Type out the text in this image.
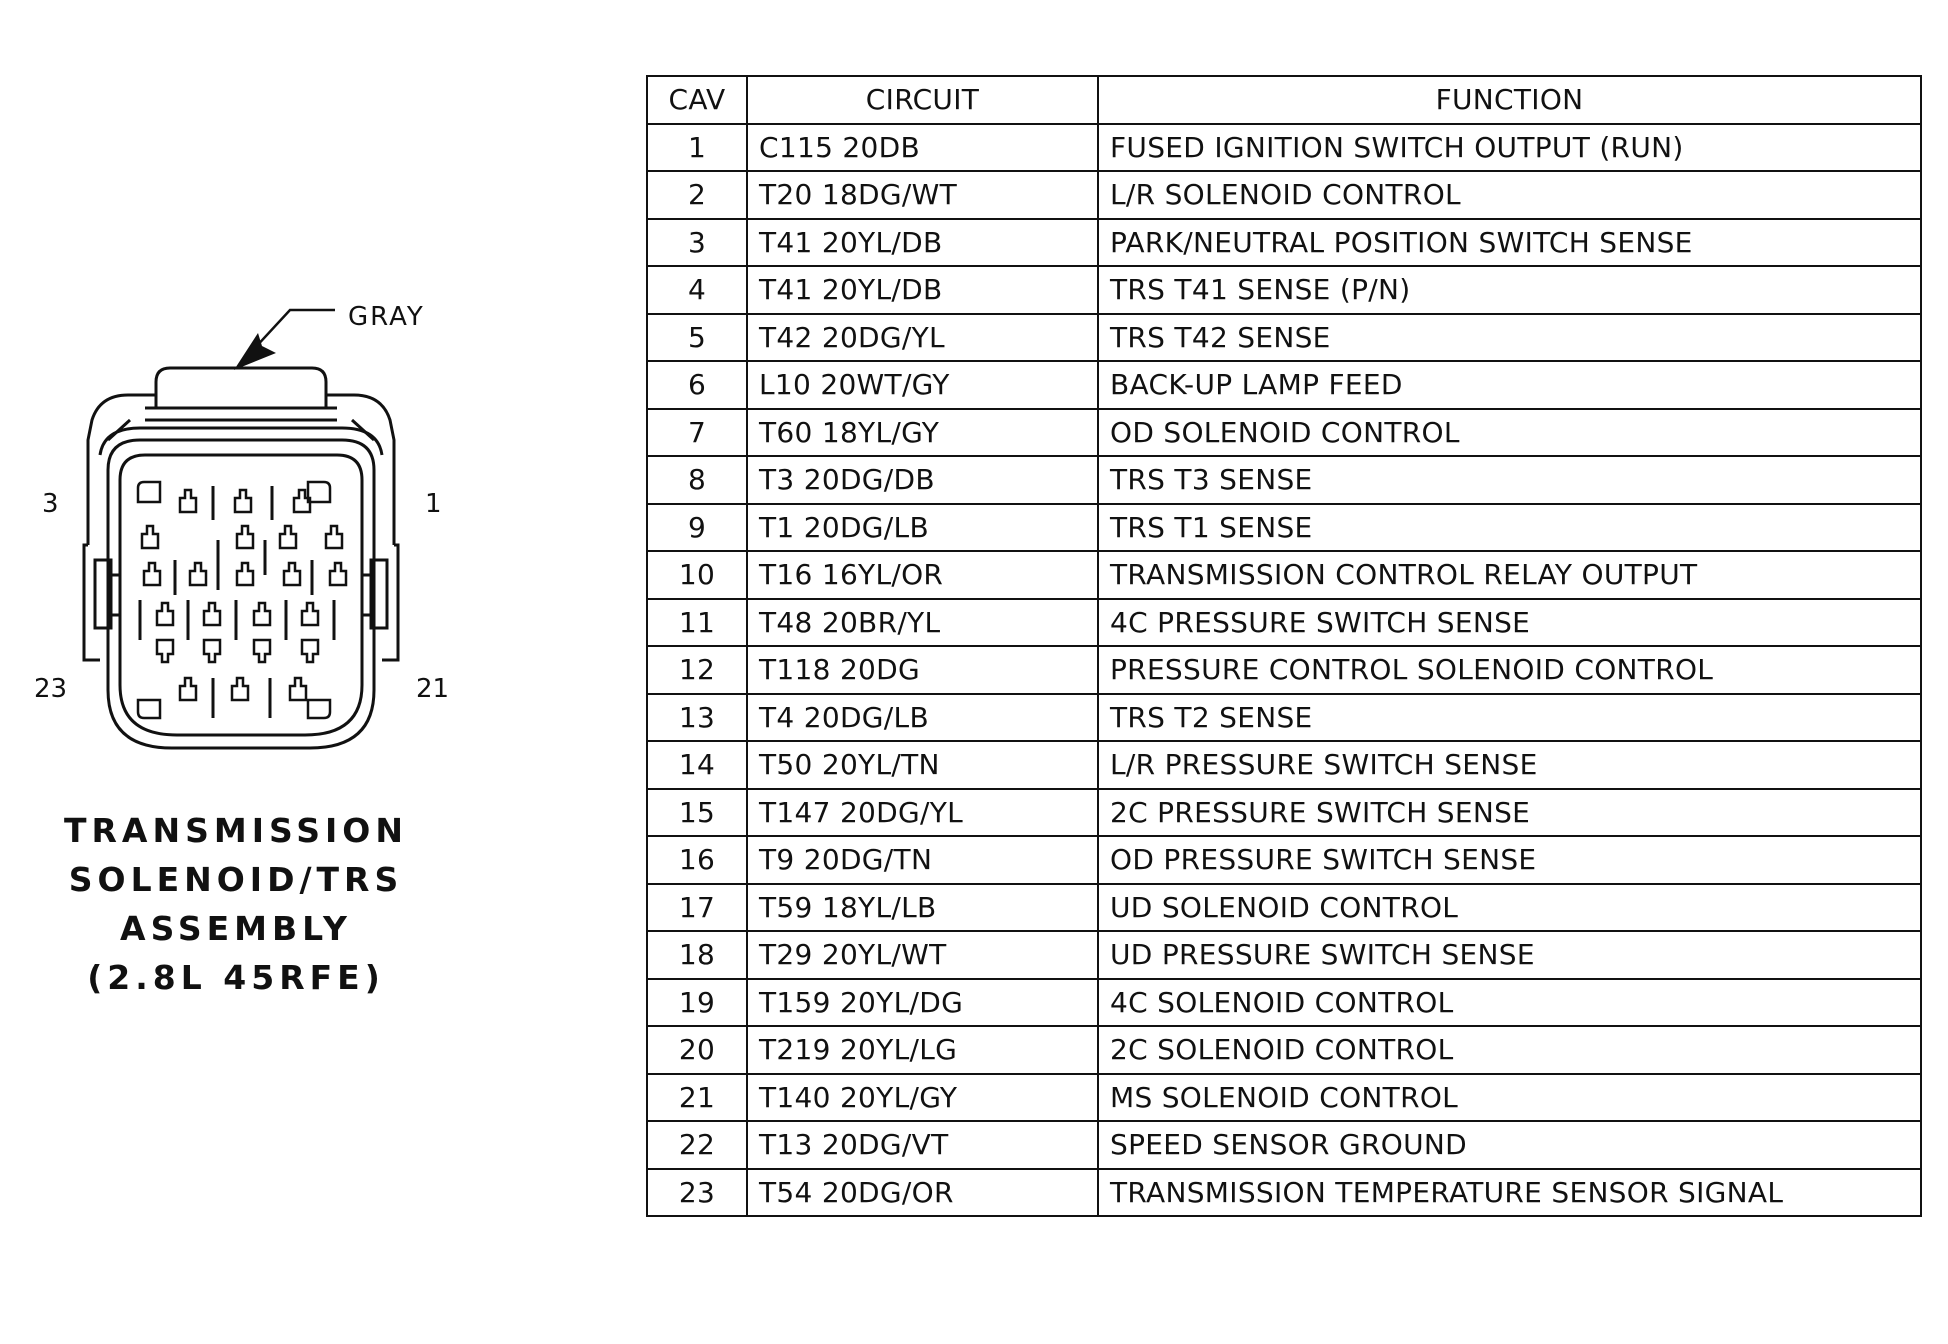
GRAY
3	1
23	21
TRANSMISSION
SOLENOID/TRS
ASSEMBLY
(2.8L 45RFE)
CAV	CIRCUIT	FUNCTION
1	C115 20DB	FUSED IGNITION SWITCH OUTPUT (RUN)
2	T20 18DG/WT	L/R SOLENOID CONTROL
3	T41 20YL/DB	PARK/NEUTRAL POSITION SWITCH SENSE
4	T41 20YL/DB	TRS T41 SENSE (P/N)
5	T42 20DG/YL	TRS T42 SENSE
6	L10 20WT/GY	BACK-UP LAMP FEED
7	T60 18YL/GY	OD SOLENOID CONTROL
8	T3 20DG/DB	TRS T3 SENSE
9	T1 20DG/LB	TRS T1 SENSE
10	T16 16YL/OR	TRANSMISSION CONTROL RELAY OUTPUT
11	T48 20BR/YL	4C PRESSURE SWITCH SENSE
12	T118 20DG	PRESSURE CONTROL SOLENOID CONTROL
13	T4 20DG/LB	TRS T2 SENSE
14	T50 20YL/TN	L/R PRESSURE SWITCH SENSE
15	T147 20DG/YL	2C PRESSURE SWITCH SENSE
16	T9 20DG/TN	OD PRESSURE SWITCH SENSE
17	T59 18YL/LB	UD SOLENOID CONTROL
18	T29 20YL/WT	UD PRESSURE SWITCH SENSE
19	T159 20YL/DG	4C SOLENOID CONTROL
20	T219 20YL/LG	2C SOLENOID CONTROL
21	T140 20YL/GY	MS SOLENOID CONTROL
22	T13 20DG/VT	SPEED SENSOR GROUND
23	T54 20DG/OR	TRANSMISSION TEMPERATURE SENSOR SIGNAL
